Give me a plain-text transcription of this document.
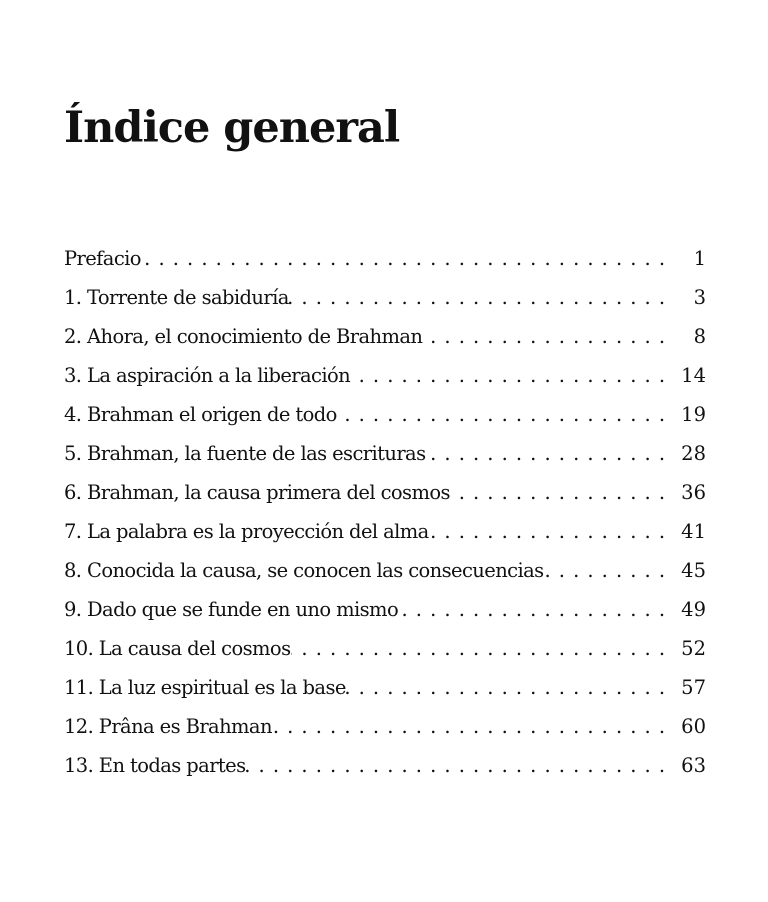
Índice general
Prefacio . . .	1
1. Torrente de sabiduría . . .	3
2. Ahora, el conocimiento de Brahman . . .	8
3. La aspiración a la liberación . . .	14
4. Brahman el origen de todo . . .	19
5. Brahman, la fuente de las escrituras . . .	28
6. Brahman, la causa primera del cosmos . . .	36
7. La palabra es la proyección del alma . . .	41
8. Conocida la causa, se conocen las consecuencias . . .	45
9. Dado que se funde en uno mismo . . .	49
10. La causa del cosmos . . .	52
11. La luz espiritual es la base . . .	57
12. Prâna es Brahman . . .	60
13. En todas partes . . .	63
